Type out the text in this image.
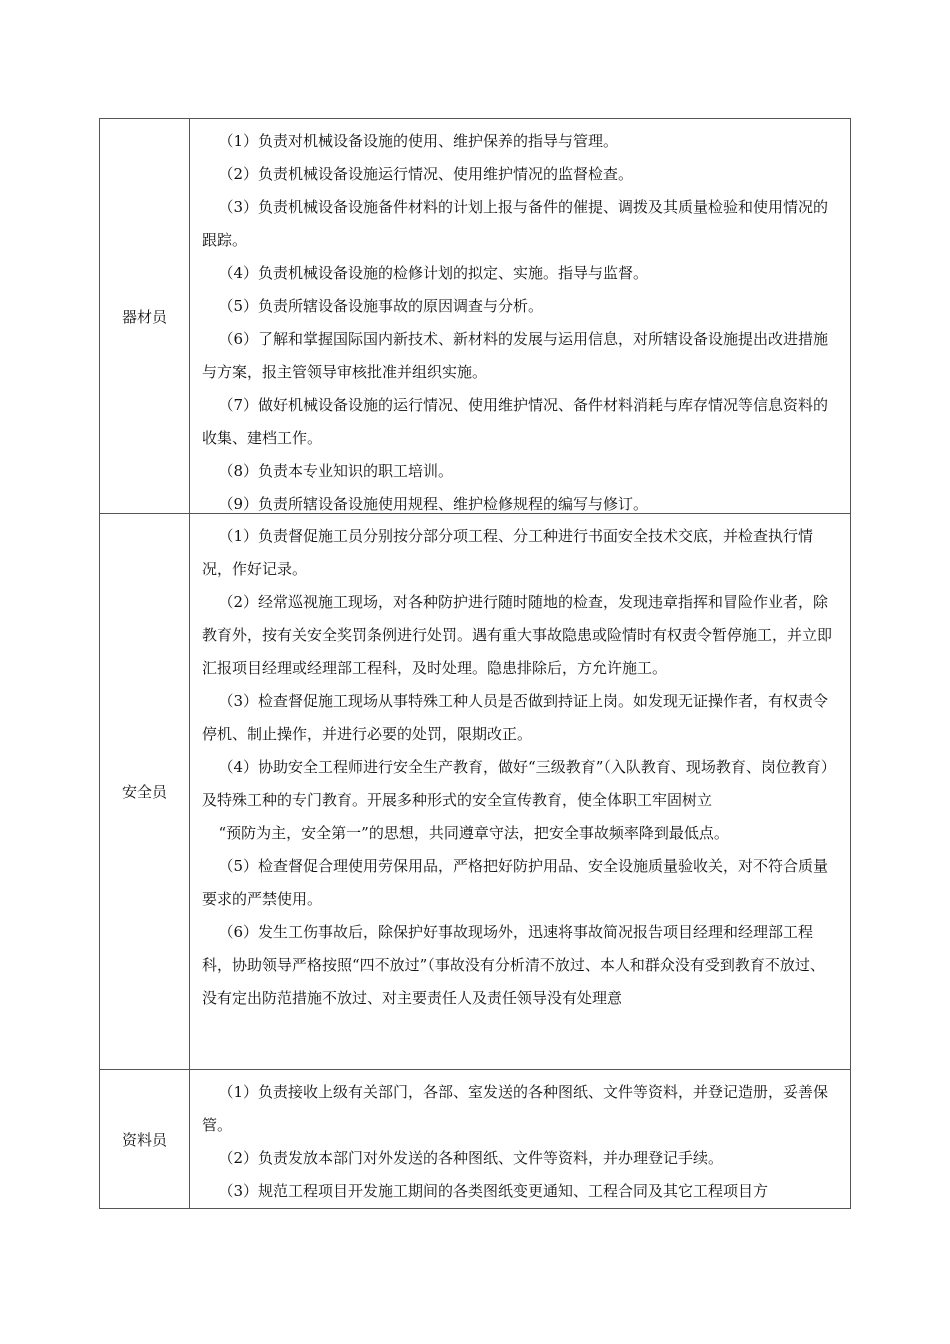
器材员

（1）负责对机械设备设施的使用、维护保养的指导与管理。

（2）负责机械设备设施运行情况、使用维护情况的监督检查。

（3）负责机械设备设施备件材料的计划上报与备件的催提、调拨及其质量检验和使用情况的跟踪。

（4）负责机械设备设施的检修计划的拟定、实施。指导与监督。

（5）负责所辖设备设施事故的原因调查与分析。

（6）了解和掌握国际国内新技术、新材料的发展与运用信息，对所辖设备设施提出改进措施与方案，报主管领导审核批准并组织实施。

（7）做好机械设备设施的运行情况、使用维护情况、备件材料消耗与库存情况等信息资料的收集、建档工作。

（8）负责本专业知识的职工培训。

（9）负责所辖设备设施使用规程、维护检修规程的编写与修订。

安全员

（1）负责督促施工员分别按分部分项工程、分工种进行书面安全技术交底，并检查执行情况，作好记录。

（2）经常巡视施工现场，对各种防护进行随时随地的检查，发现违章指挥和冒险作业者，除教育外，按有关安全奖罚条例进行处罚。遇有重大事故隐患或险情时有权责令暂停施工，并立即汇报项目经理或经理部工程科，及时处理。隐患排除后，方允许施工。

（3）检查督促施工现场从事特殊工种人员是否做到持证上岗。如发现无证操作者，有权责令停机、制止操作，并进行必要的处罚，限期改正。

（4）协助安全工程师进行安全生产教育，做好“三级教育”（入队教育、现场教育、岗位教育）及特殊工种的专门教育。开展多种形式的安全宣传教育，使全体职工牢固树立

“预防为主，安全第一”的思想，共同遵章守法，把安全事故频率降到最低点。

（5）检查督促合理使用劳保用品，严格把好防护用品、安全设施质量验收关，对不符合质量要求的严禁使用。

（6）发生工伤事故后，除保护好事故现场外，迅速将事故简况报告项目经理和经理部工程科，协助领导严格按照“四不放过”（事故没有分析清不放过、本人和群众没有受到教育不放过、没有定出防范措施不放过、对主要责任人及责任领导没有处理意

资料员

（1）负责接收上级有关部门，各部、室发送的各种图纸、文件等资料，并登记造册，妥善保管。

（2）负责发放本部门对外发送的各种图纸、文件等资料，并办理登记手续。

（3）规范工程项目开发施工期间的各类图纸变更通知、工程合同及其它工程项目方
